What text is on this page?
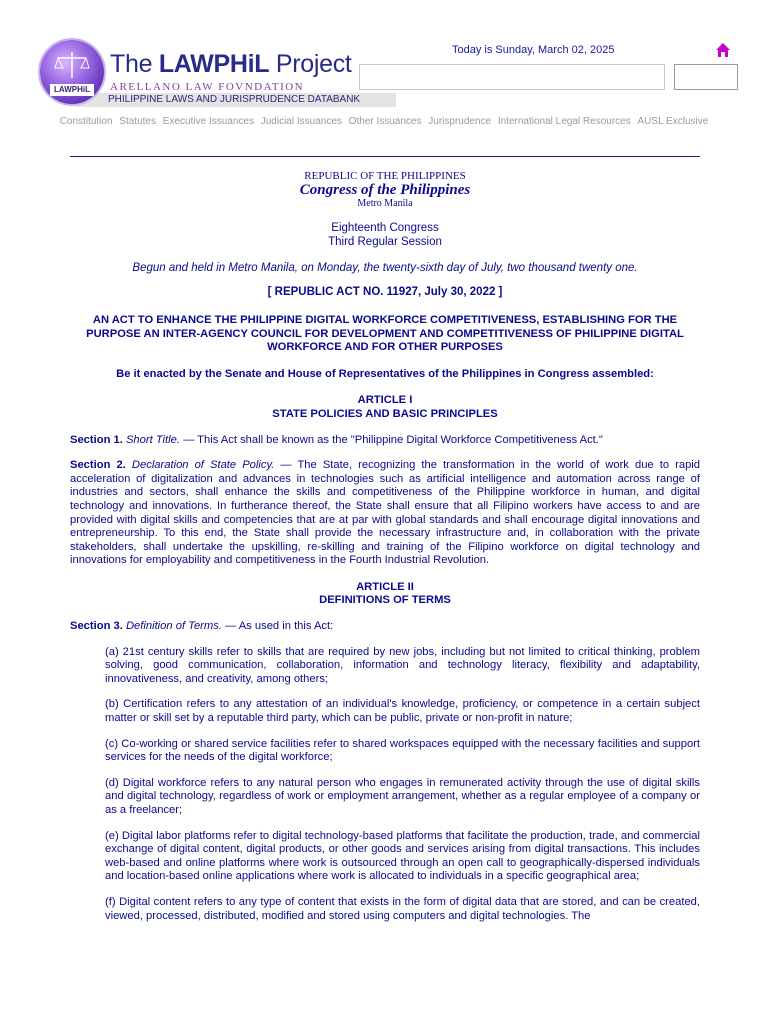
PHILIPPINE LAWS AND JURISPRUDENCE DATABANK
LAWPHiL
The LAWPHiL Project
ARELLANO LAW FOVNDATION
Today is Sunday, March 02, 2025
Constitution Statutes Executive Issuances Judicial Issuances Other Issuances Jurisprudence International Legal Resources AUSL Exclusive
REPUBLIC OF THE PHILIPPINES
Congress of the Philippines
Metro Manila
Eighteenth Congress
Third Regular Session
Begun and held in Metro Manila, on Monday, the twenty-sixth day of July, two thousand twenty one.
[ REPUBLIC ACT NO. 11927, July 30, 2022 ]
AN ACT TO ENHANCE THE PHILIPPINE DIGITAL WORKFORCE COMPETITIVENESS, ESTABLISHING FOR THE PURPOSE AN INTER-AGENCY COUNCIL FOR DEVELOPMENT AND COMPETITIVENESS OF PHILIPPINE DIGITAL WORKFORCE AND FOR OTHER PURPOSES
Be it enacted by the Senate and House of Representatives of the Philippines in Congress assembled:
ARTICLE I
STATE POLICIES AND BASIC PRINCIPLES
Section 1. Short Title. — This Act shall be known as the "Philippine Digital Workforce Competitiveness Act."
Section 2. Declaration of State Policy. — The State, recognizing the transformation in the world of work due to rapid acceleration of digitalization and advances in technologies such as artificial intelligence and automation across range of industries and sectors, shall enhance the skills and competitiveness of the Philippine workforce in human, and digital technology and innovations. In furtherance thereof, the State shall ensure that all Filipino workers have access to and are provided with digital skills and competencies that are at par with global standards and shall encourage digital innovations and entrepreneurship. To this end, the State shall provide the necessary infrastructure and, in collaboration with the private stakeholders, shall undertake the upskilling, re-skilling and training of the Filipino workforce on digital technology and innovations for employability and competitiveness in the Fourth Industrial Revolution.
ARTICLE II
DEFINITIONS OF TERMS
Section 3. Definition of Terms. — As used in this Act:
(a) 21st century skills refer to skills that are required by new jobs, including but not limited to critical thinking, problem solving, good communication, collaboration, information and technology literacy, flexibility and adaptability, innovativeness, and creativity, among others;
(b) Certification refers to any attestation of an individual's knowledge, proficiency, or competence in a certain subject matter or skill set by a reputable third party, which can be public, private or non-profit in nature;
(c) Co-working or shared service facilities refer to shared workspaces equipped with the necessary facilities and support services for the needs of the digital workforce;
(d) Digital workforce refers to any natural person who engages in remunerated activity through the use of digital skills and digital technology, regardless of work or employment arrangement, whether as a regular employee of a company or as a freelancer;
(e) Digital labor platforms refer to digital technology-based platforms that facilitate the production, trade, and commercial exchange of digital content, digital products, or other goods and services arising from digital transactions. This includes web-based and online platforms where work is outsourced through an open call to geographically-dispersed individuals and location-based online applications where work is allocated to individuals in a specific geographical area;
(f) Digital content refers to any type of content that exists in the form of digital data that are stored, and can be created, viewed, processed, distributed, modified and stored using computers and digital technologies. The
